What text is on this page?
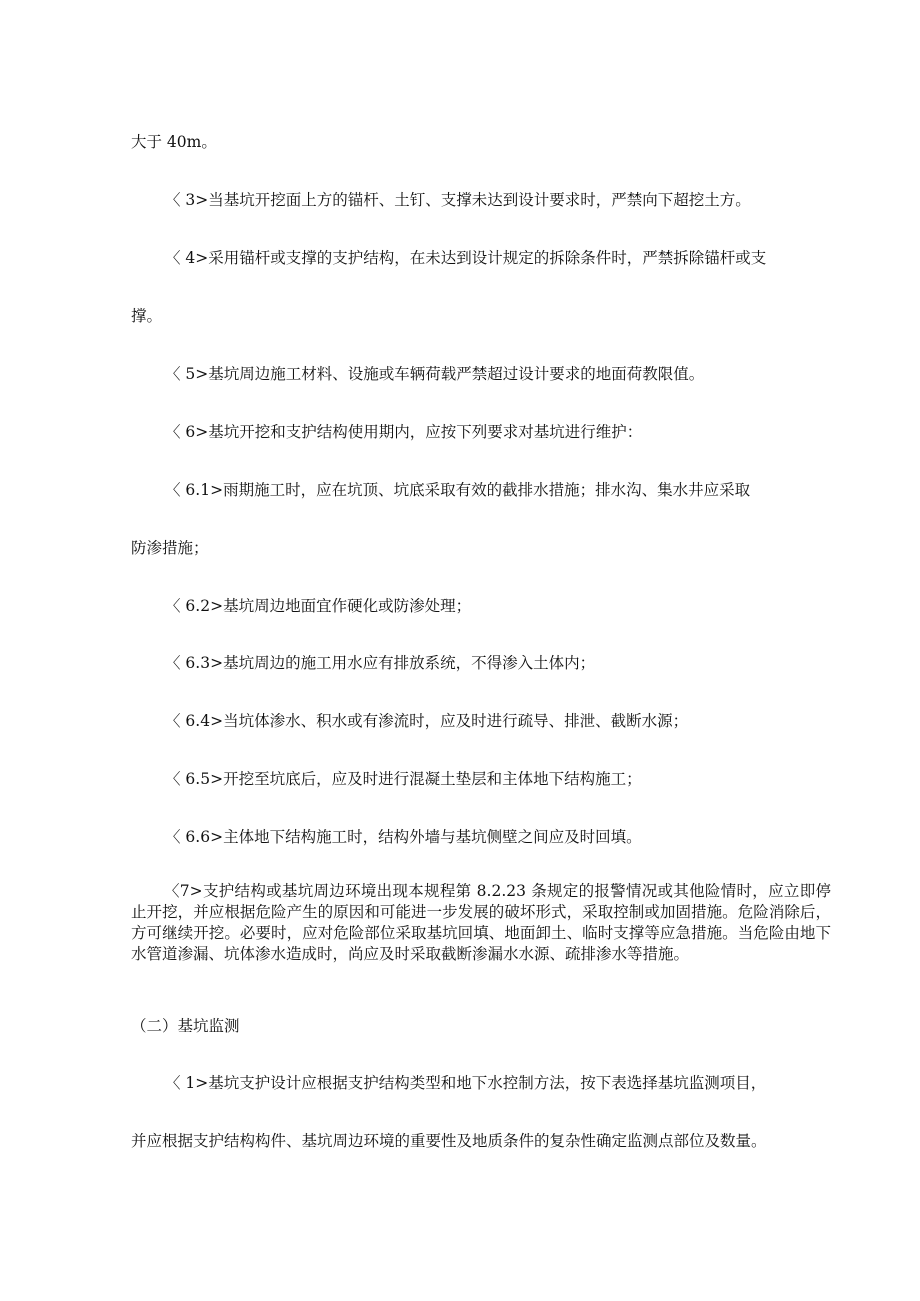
大于 40m。

〈 3>当基坑开挖面上方的锚杆、土钉、支撑未达到设计要求时，严禁向下超挖土方。

〈 4>采用锚杆或支撑的支护结构，在未达到设计规定的拆除条件时，严禁拆除锚杆或支

撑。

〈 5>基坑周边施工材料、设施或车辆荷载严禁超过设计要求的地面荷教限值。

〈 6>基坑开挖和支护结构使用期内，应按下列要求对基坑进行维护：

〈 6.1>雨期施工时，应在坑顶、坑底采取有效的截排水措施；排水沟、集水井应采取

防渗措施；

〈 6.2>基坑周边地面宜作硬化或防渗处理；

〈 6.3>基坑周边的施工用水应有排放系统，不得渗入土体内；

〈 6.4>当坑体渗水、积水或有渗流时，应及时进行疏导、排泄、截断水源；

〈 6.5>开挖至坑底后，应及时进行混凝土垫层和主体地下结构施工；

〈 6.6>主体地下结构施工时，结构外墙与基坑侧壁之间应及时回填。

〈7>支护结构或基坑周边环境出现本规程第 8.2.23 条规定的报警情况或其他险情时，应立即停止开挖，并应根据危险产生的原因和可能进一步发展的破坏形式，采取控制或加固措施。危险消除后，方可继续开挖。必要时，应对危险部位采取基坑回填、地面卸土、临时支撑等应急措施。当危险由地下水管道渗漏、坑体渗水造成时，尚应及时采取截断渗漏水水源、疏排渗水等措施。

（二）基坑监测

〈 1>基坑支护设计应根据支护结构类型和地下水控制方法，按下表选择基坑监测项目，

并应根据支护结构构件、基坑周边环境的重要性及地质条件的复杂性确定监测点部位及数量。
